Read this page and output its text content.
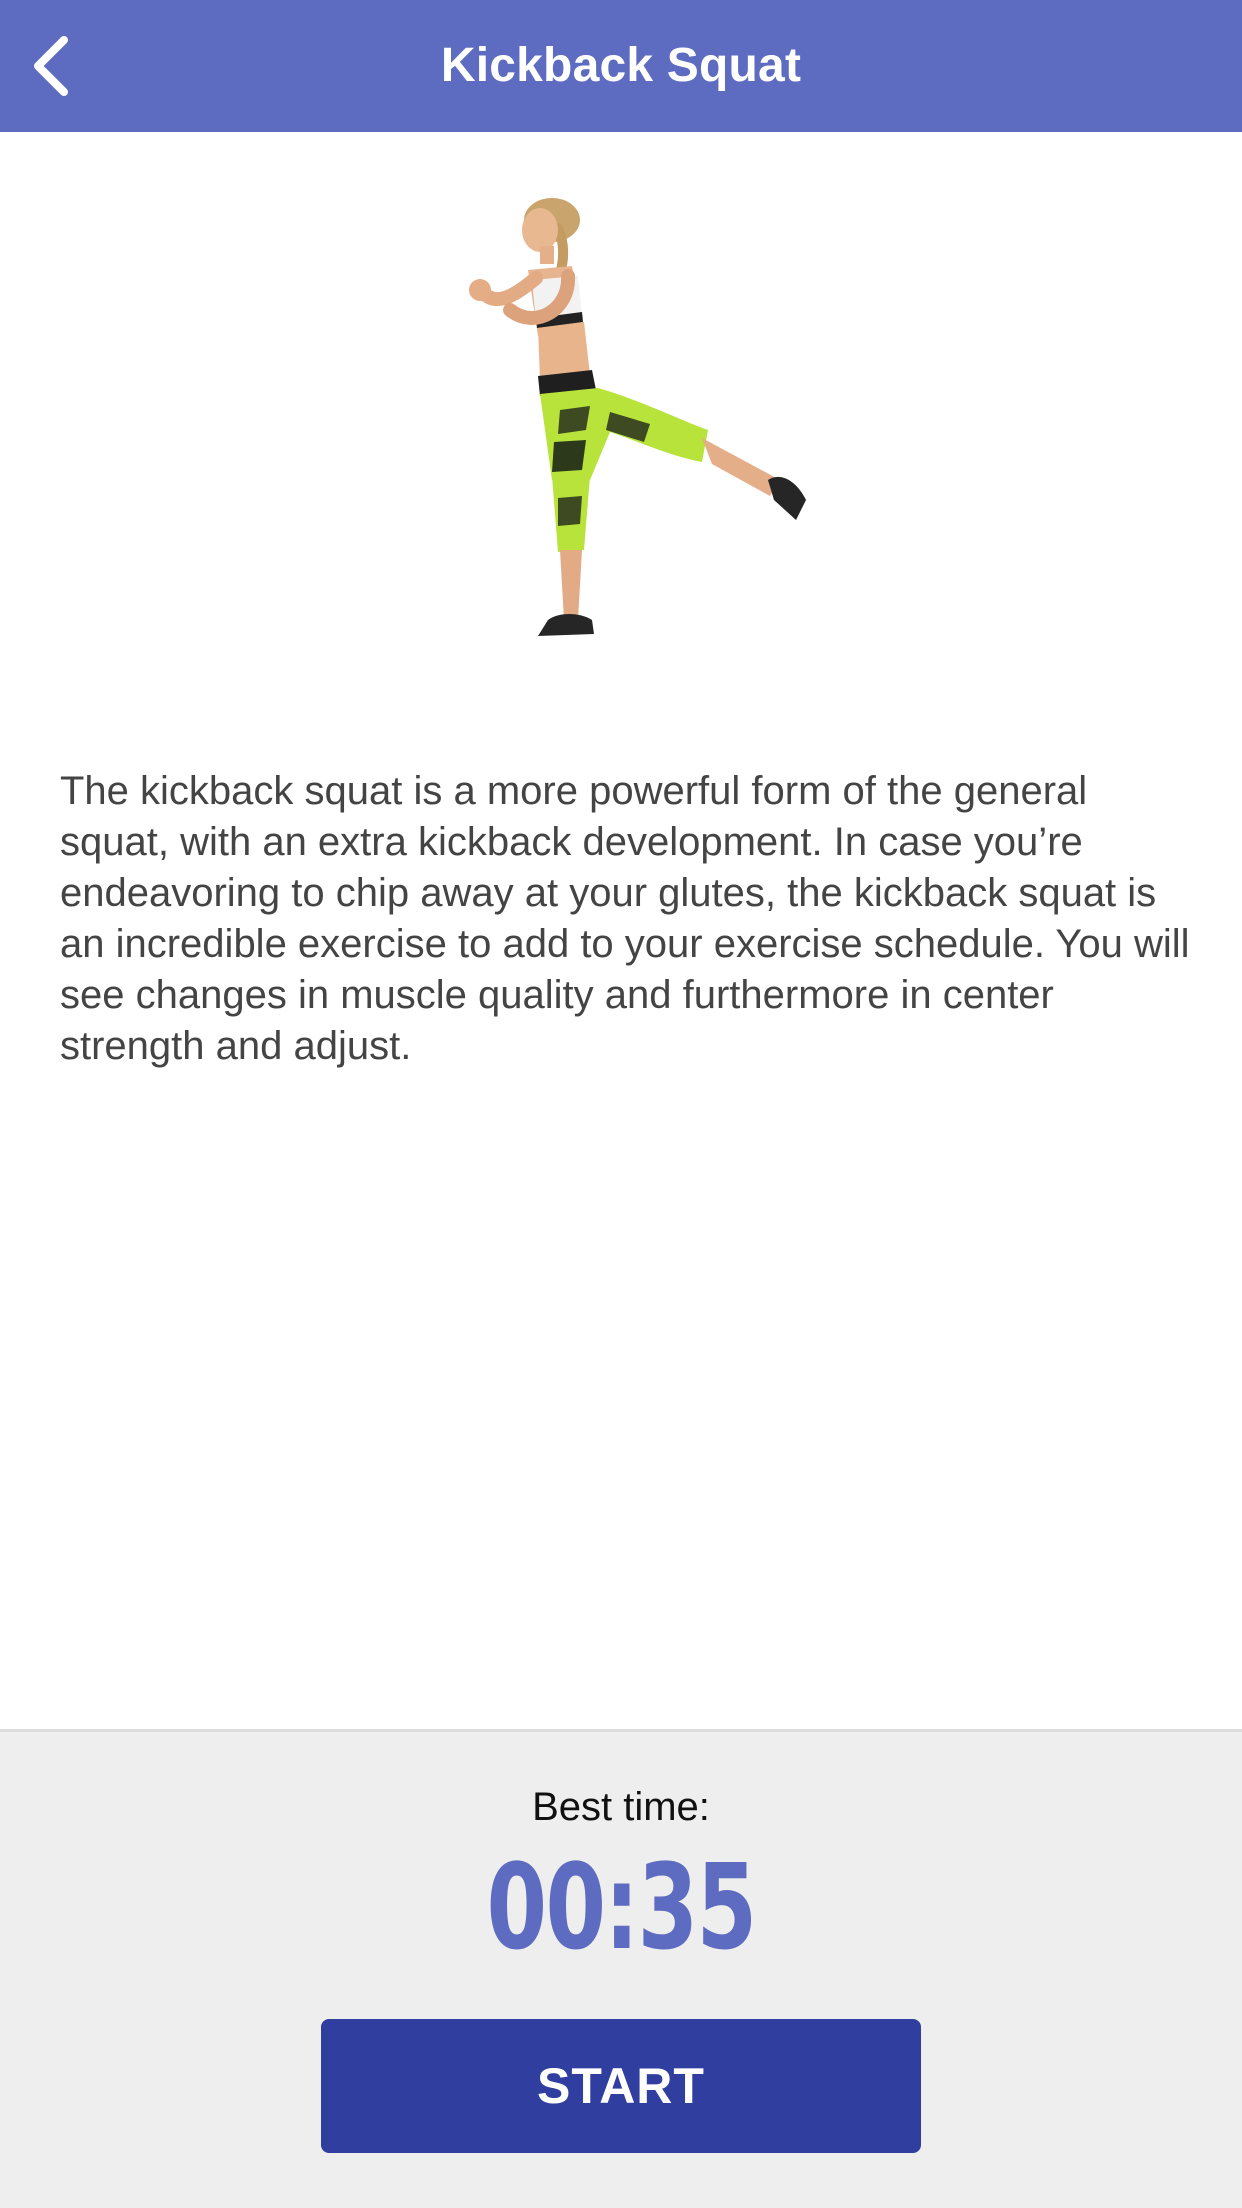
Kickback Squat

The kickback squat is a more powerful form of the general squat, with an extra kickback development. In case you’re endeavoring to chip away at your glutes, the kickback squat is an incredible exercise to add to your exercise schedule. You will see changes in muscle quality and furthermore in center strength and adjust.

Best time:
00:35
START
